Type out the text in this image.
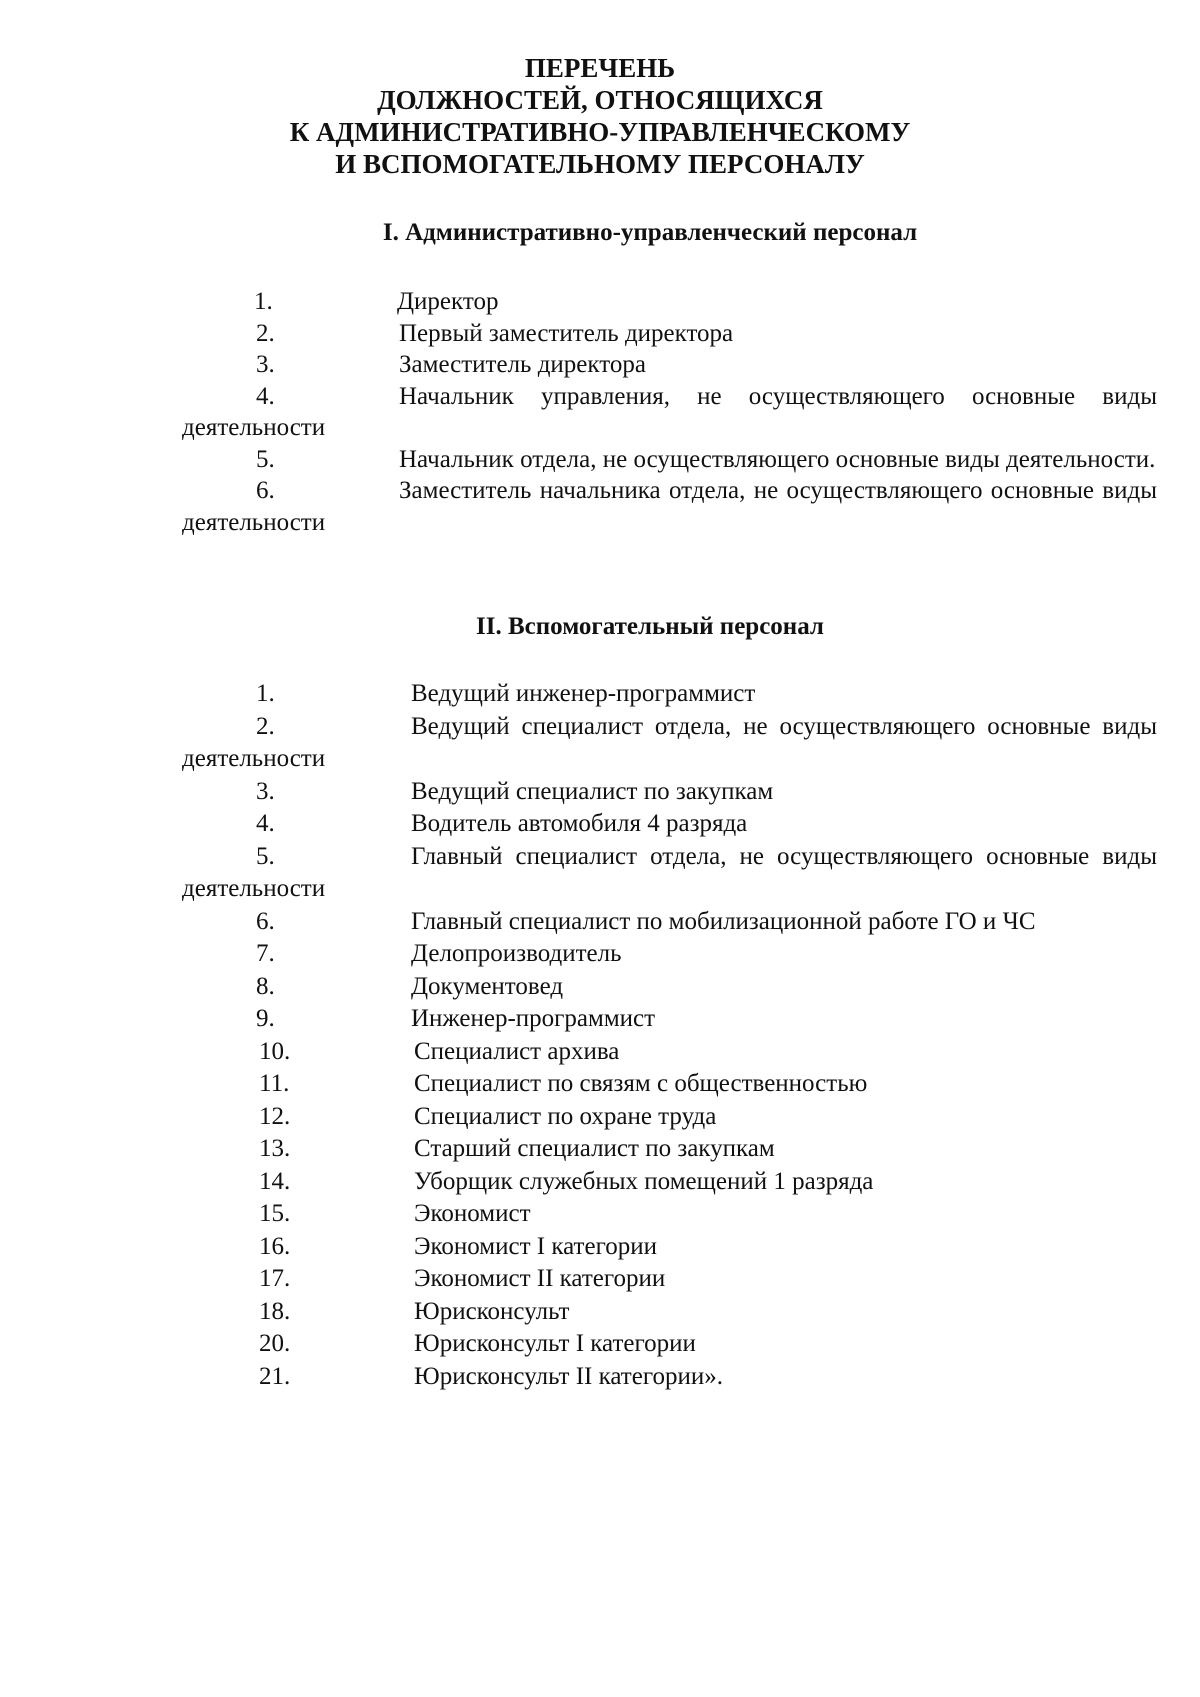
ПЕРЕЧЕНЬ
ДОЛЖНОСТЕЙ, ОТНОСЯЩИХСЯ
К АДМИНИСТРАТИВНО-УПРАВЛЕНЧЕСКОМУ
И ВСПОМОГАТЕЛЬНОМУ ПЕРСОНАЛУ
I. Административно-управленческий персонал
1.	Директор
2.	Первый заместитель директора
3.	Заместитель директора
4.	Начальник управления, не осуществляющего основные виды деятельности
5.	Начальник отдела, не осуществляющего основные виды деятельности.
6.	Заместитель начальника отдела, не осуществляющего основные виды деятельности
II. Вспомогательный персонал
1.	Ведущий инженер-программист
2.	Ведущий специалист отдела, не осуществляющего основные виды деятельности
3.	Ведущий специалист по закупкам
4.	Водитель автомобиля 4 разряда
5.	Главный специалист отдела, не осуществляющего основные виды деятельности
6.	Главный специалист по мобилизационной работе ГО и ЧС
7.	Делопроизводитель
8.	Документовед
9.	Инженер-программист
10.	Специалист архива
11.	Специалист по связям с общественностью
12.	Специалист по охране труда
13.	Старший специалист по закупкам
14.	Уборщик служебных помещений 1 разряда
15.	Экономист
16.	Экономист I категории
17.	Экономист II категории
18.	Юрисконсульт
20.	Юрисконсульт I категории
21.	Юрисконсульт II категории».
